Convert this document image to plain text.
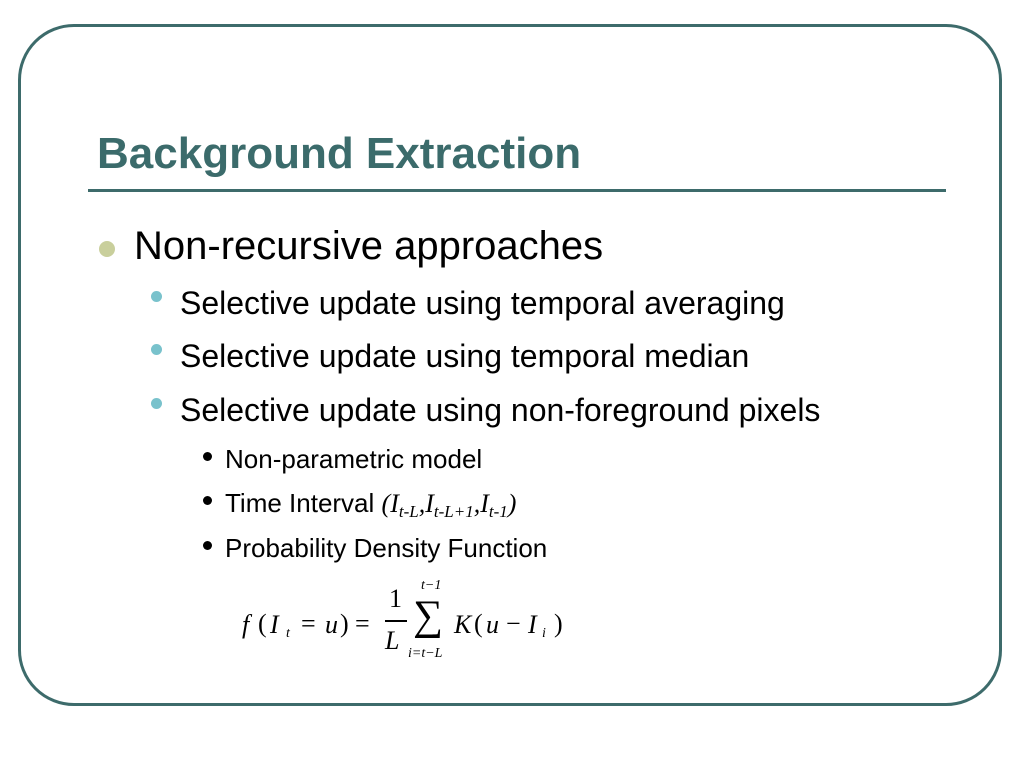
Background Extraction
Non-recursive approaches
Selective update using temporal averaging
Selective update using temporal median
Selective update using non-foreground pixels
Non-parametric model
Time Interval $(I_{t-L},I_{t-L+1},I_{t-1})$
Probability Density Function
f ( I t = u ) =
1
L
t−1
∑
i=t−L
K ( u − I i )
